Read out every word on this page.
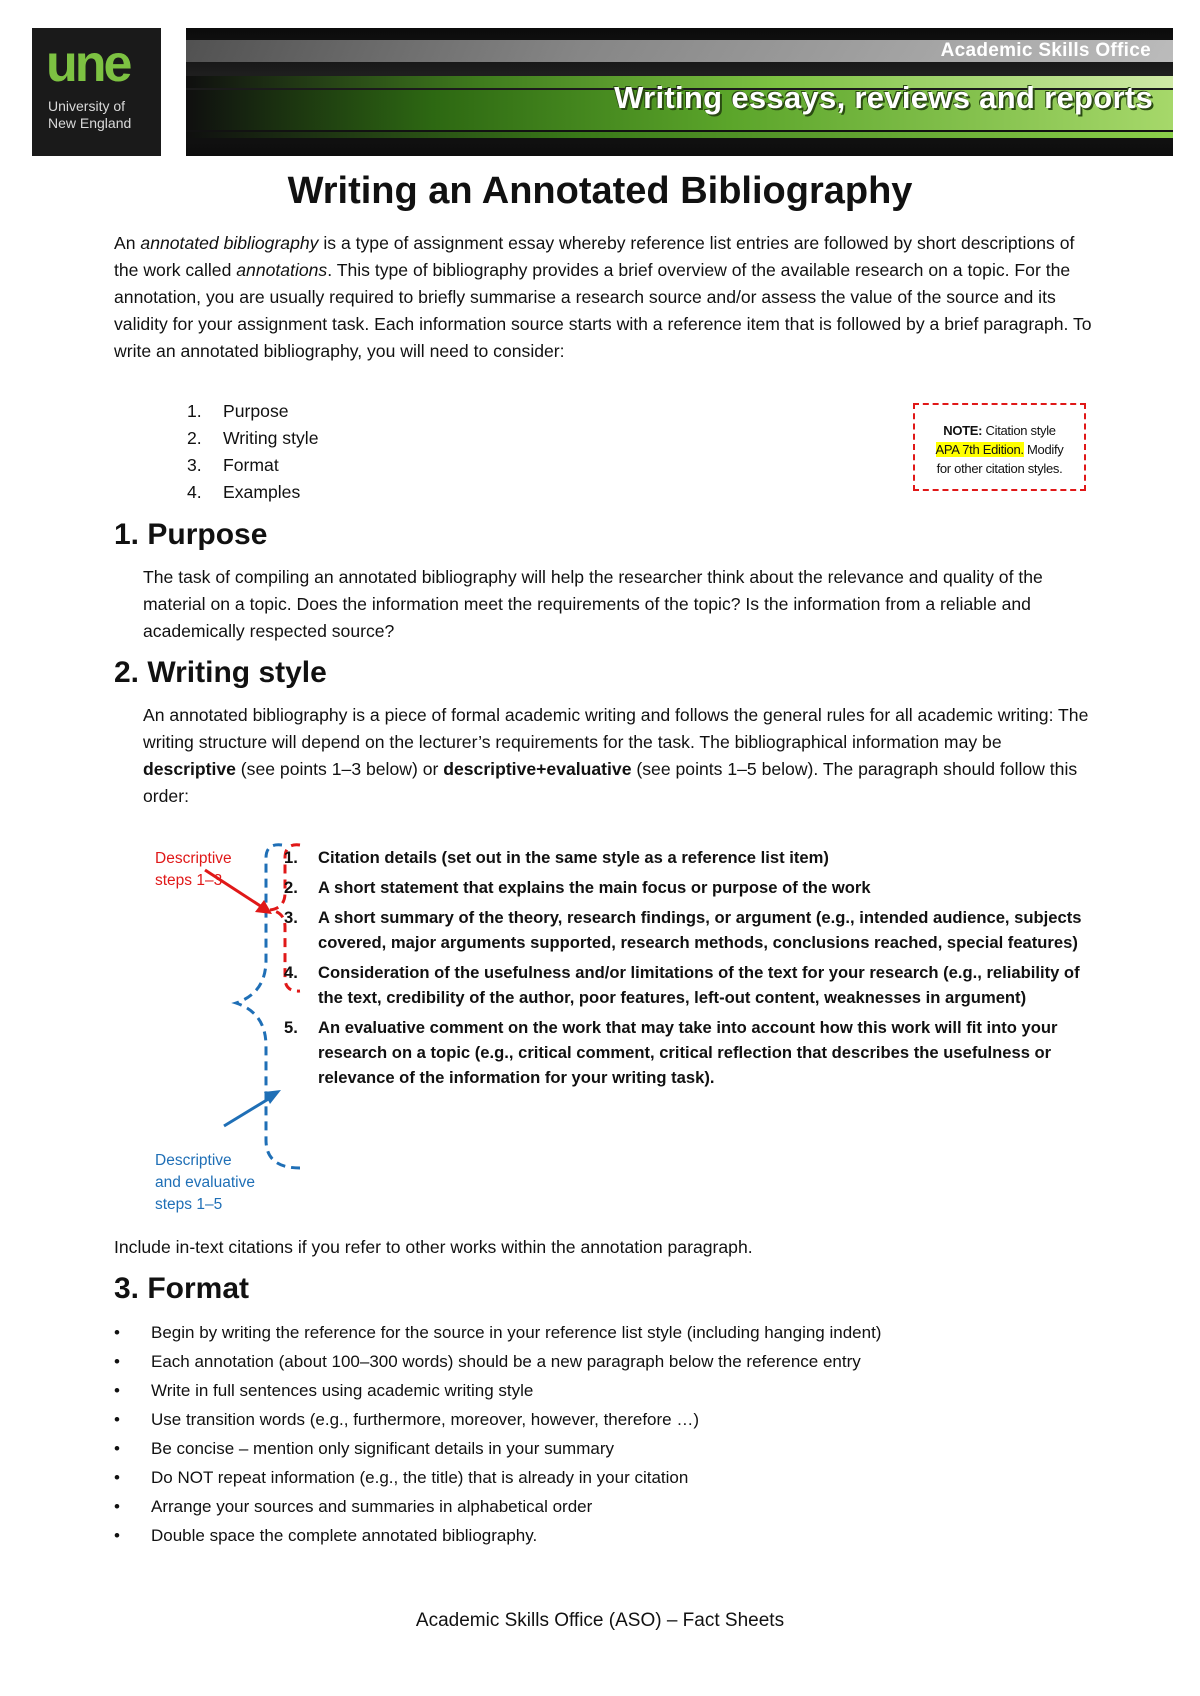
une
University of
New England
Academic Skills Office
Writing essays, reviews and reports
Writing an Annotated Bibliography
An annotated bibliography is a type of assignment essay whereby reference list entries are followed by short descriptions of the work called annotations. This type of bibliography provides a brief overview of the available research on a topic. For the annotation, you are usually required to briefly summarise a research source and/or assess the value of the source and its validity for your assignment task. Each information source starts with a reference item that is followed by a brief paragraph. To write an annotated bibliography, you will need to consider:
1.	Purpose
2.	Writing style
3.	Format
4.	Examples
NOTE: Citation style
APA 7th Edition. Modify
for other citation styles.
1. Purpose
The task of compiling an annotated bibliography will help the researcher think about the relevance and quality of the material on a topic. Does the information meet the requirements of the topic? Is the information from a reliable and academically respected source?
2. Writing style
An annotated bibliography is a piece of formal academic writing and follows the general rules for all academic writing: The writing structure will depend on the lecturer’s requirements for the task. The bibliographical information may be descriptive (see points 1–3 below) or descriptive+evaluative (see points 1–5 below). The paragraph should follow this order:
Descriptive
steps 1–3
Descriptive
and evaluative
steps 1–5
1.	Citation details (set out in the same style as a reference list item)
2.	A short statement that explains the main focus or purpose of the work
3.	A short summary of the theory, research findings, or argument (e.g., intended audience, subjects covered, major arguments supported, research methods, conclusions reached, special features)
4.	Consideration of the usefulness and/or limitations of the text for your research (e.g., reliability of the text, credibility of the author, poor features, left-out content, weaknesses in argument)
5.	An evaluative comment on the work that may take into account how this work will fit into your research on a topic (e.g., critical comment, critical reflection that describes the usefulness or relevance of the information for your writing task).
Include in-text citations if you refer to other works within the annotation paragraph.
3. Format
•	Begin by writing the reference for the source in your reference list style (including hanging indent)
•	Each annotation (about 100–300 words) should be a new paragraph below the reference entry
•	Write in full sentences using academic writing style
•	Use transition words (e.g., furthermore, moreover, however, therefore …)
•	Be concise – mention only significant details in your summary
•	Do NOT repeat information (e.g., the title) that is already in your citation
•	Arrange your sources and summaries in alphabetical order
•	Double space the complete annotated bibliography.
Academic Skills Office (ASO) – Fact Sheets
